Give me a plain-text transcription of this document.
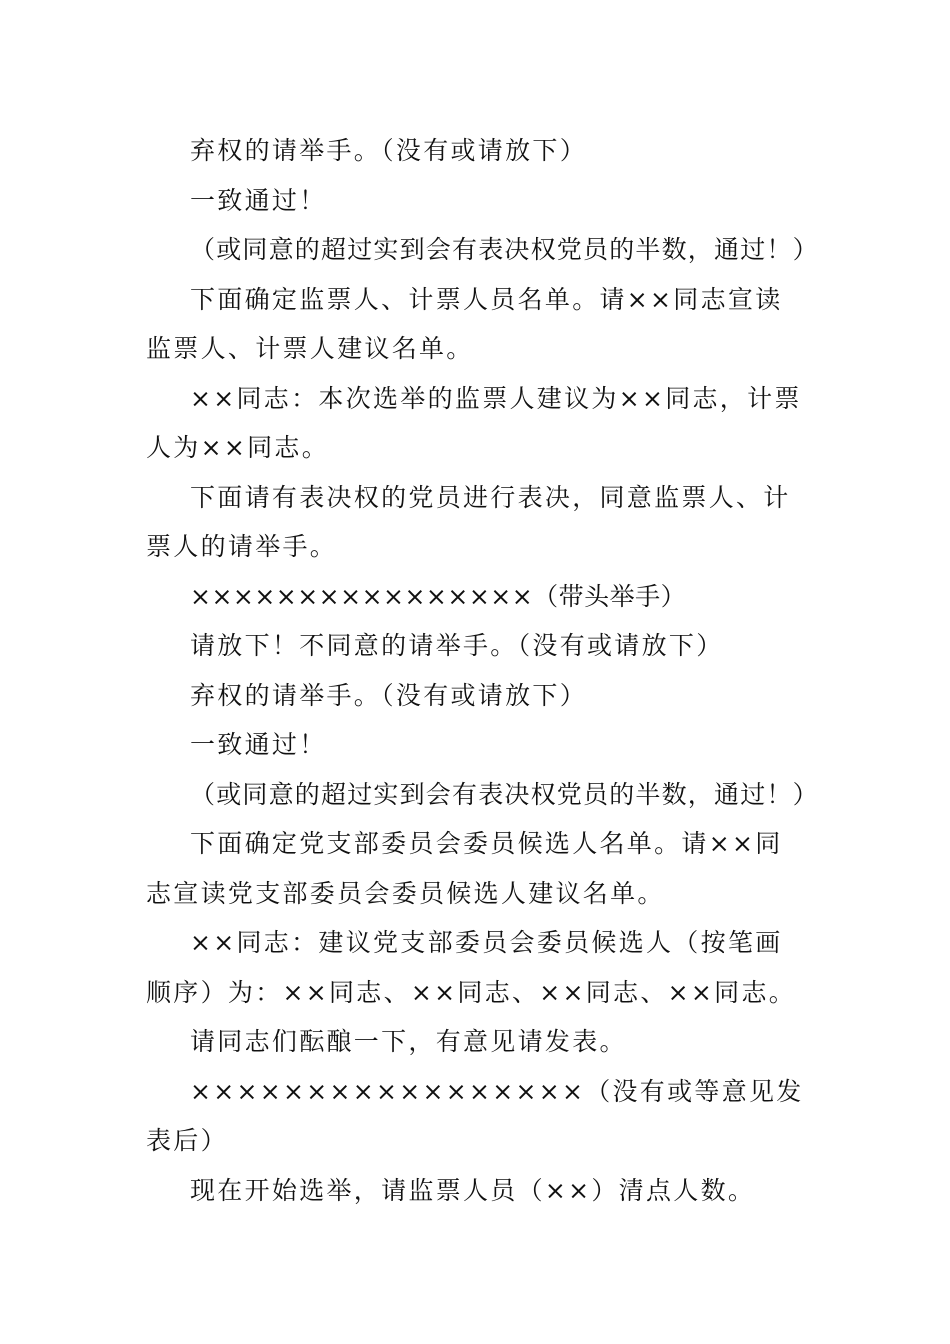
弃权的请举手。（没有或请放下）

一致通过！

（或同意的超过实到会有表决权党员的半数，通过！）

下面确定监票人、计票人员名单。请××同志宣读监票人、计票人建议名单。

××同志：本次选举的监票人建议为××同志，计票人为××同志。

下面请有表决权的党员进行表决，同意监票人、计票人的请举手。

××××××××××××××××（带头举手）

请放下！不同意的请举手。（没有或请放下）

弃权的请举手。（没有或请放下）

一致通过！

（或同意的超过实到会有表决权党员的半数，通过！）

下面确定党支部委员会委员候选人名单。请××同志宣读党支部委员会委员候选人建议名单。

××同志：建议党支部委员会委员候选人（按笔画顺序）为：××同志、××同志、××同志、××同志。

请同志们酝酿一下，有意见请发表。

×××××××××××××××××（没有或等意见发表后）

现在开始选举，请监票人员（××）清点人数。
